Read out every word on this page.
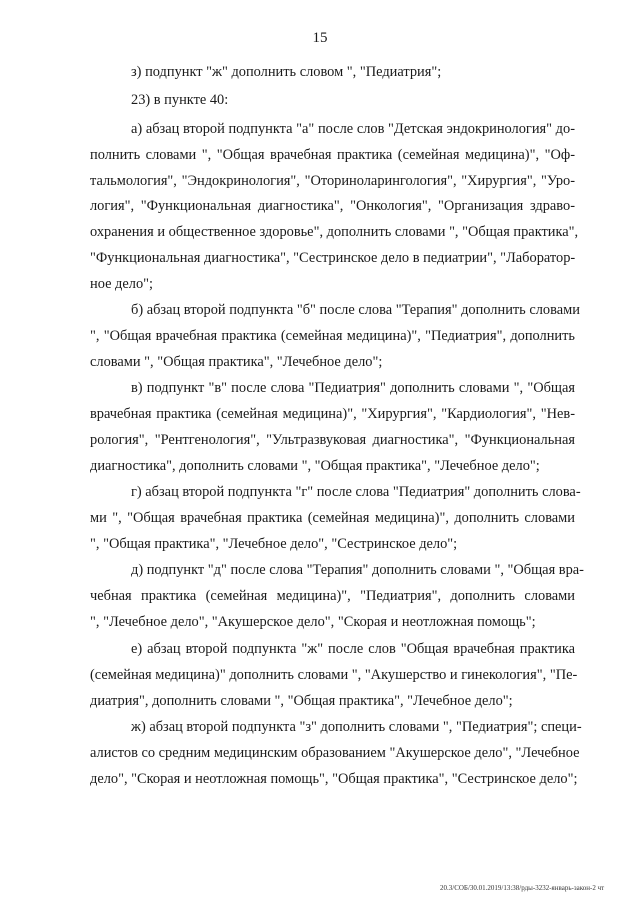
15
з) подпункт "ж" дополнить словом ", "Педиатрия";
23) в пункте 40:
а) абзац второй подпункта "а" после слов "Детская эндокринология" до-
полнить словами ", "Общая врачебная практика (семейная медицина)", "Оф-
тальмология", "Эндокринология", "Оториноларингология", "Хирургия", "Уро-
логия", "Функциональная диагностика", "Онкология", "Организация здраво-
охранения и общественное здоровье", дополнить словами ", "Общая практика",
"Функциональная диагностика", "Сестринское дело в педиатрии", "Лаборатор-
ное дело";
б) абзац второй подпункта "б" после слова "Терапия" дополнить словами
", "Общая врачебная практика (семейная медицина)", "Педиатрия", дополнить
словами ", "Общая практика", "Лечебное дело";
в) подпункт "в" после слова "Педиатрия" дополнить словами ", "Общая
врачебная практика (семейная медицина)", "Хирургия", "Кардиология", "Нев-
рология", "Рентгенология", "Ультразвуковая диагностика", "Функциональная
диагностика", дополнить словами ", "Общая практика", "Лечебное дело";
г) абзац второй подпункта "г" после слова "Педиатрия" дополнить слова-
ми ", "Общая врачебная практика (семейная медицина)", дополнить словами
", "Общая практика", "Лечебное дело", "Сестринское дело";
д) подпункт "д" после слова "Терапия" дополнить словами ", "Общая вра-
чебная практика (семейная медицина)", "Педиатрия", дополнить словами
", "Лечебное дело", "Акушерское дело", "Скорая и неотложная помощь";
е) абзац второй подпункта "ж" после слов "Общая врачебная практика
(семейная медицина)" дополнить словами ", "Акушерство и гинекология", "Пе-
диатрия", дополнить словами ", "Общая практика", "Лечебное дело";
ж) абзац второй подпункта "з" дополнить словами ", "Педиатрия"; специ-
алистов со средним медицинским образованием "Акушерское дело", "Лечебное
дело", "Скорая и неотложная помощь", "Общая практика", "Сестринское дело";
20.3/СОБ/30.01.2019/13:38/рды-3232-январь-закон-2 чт
